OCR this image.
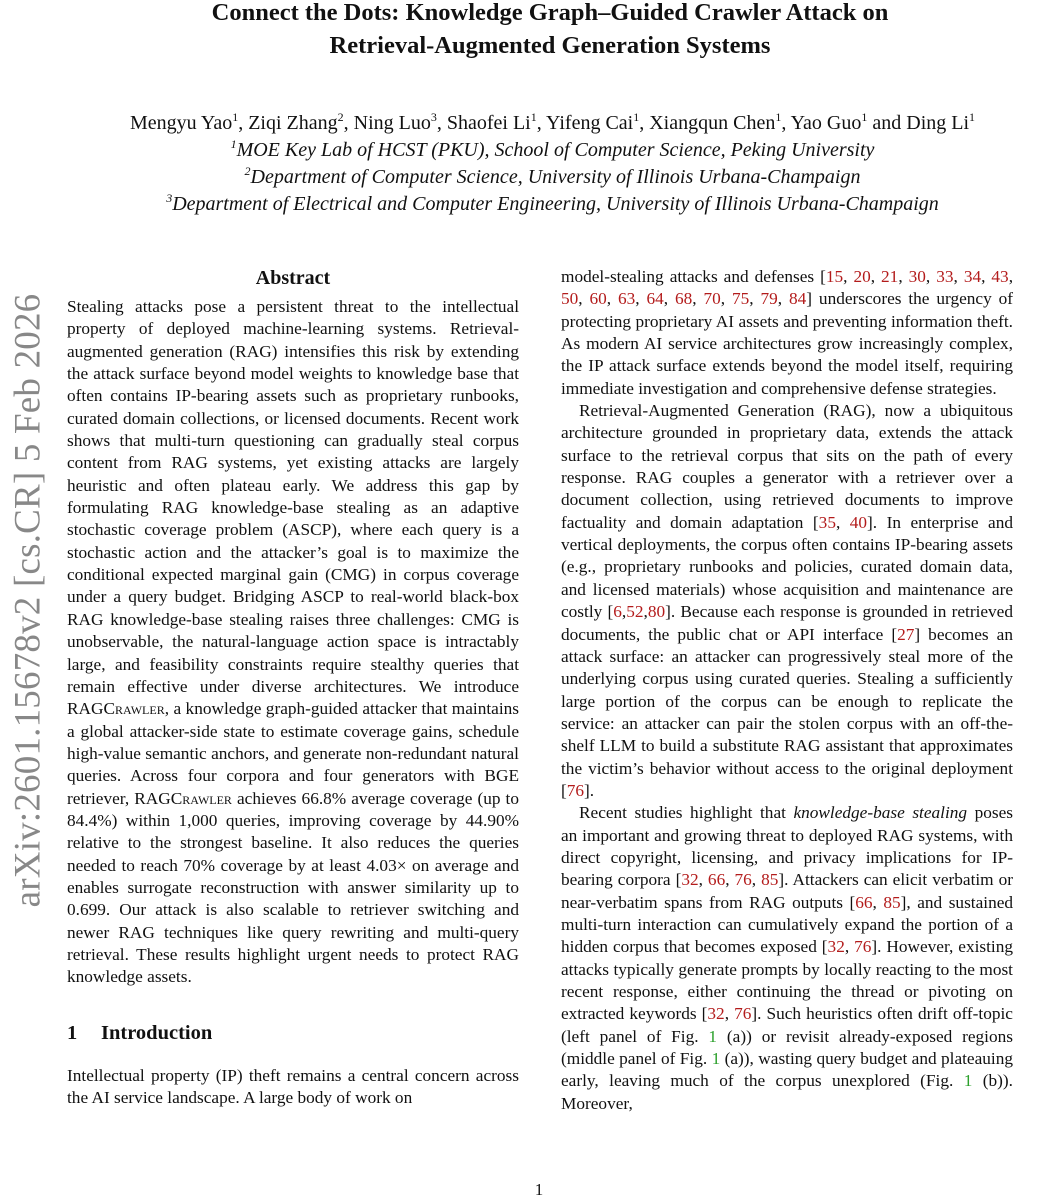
arXiv:2601.15678v2 [cs.CR] 5 Feb 2026
Connect the Dots: Knowledge Graph–Guided Crawler Attack on
Retrieval-Augmented Generation Systems
Mengyu Yao$^1$, Ziqi Zhang$^2$, Ning Luo$^3$, Shaofei Li$^1$, Yifeng Cai$^1$, Xiangqun Chen$^1$, Yao Guo$^1$ and Ding Li$^1$
$^1$MOE Key Lab of HCST (PKU), School of Computer Science, Peking University
$^2$Department of Computer Science, University of Illinois Urbana-Champaign
$^3$Department of Electrical and Computer Engineering, University of Illinois Urbana-Champaign
Abstract

Stealing attacks pose a persistent threat to the intellectual property of deployed machine-learning systems. Retrieval-augmented generation (RAG) intensifies this risk by extending the attack surface beyond model weights to knowledge base that often contains IP-bearing assets such as proprietary runbooks, curated domain collections, or licensed documents. Recent work shows that multi-turn questioning can gradually steal corpus content from RAG systems, yet existing attacks are largely heuristic and often plateau early. We address this gap by formulating RAG knowledge-base stealing as an adaptive stochastic coverage problem (ASCP), where each query is a stochastic action and the attacker’s goal is to maximize the conditional expected marginal gain (CMG) in corpus coverage under a query budget. Bridging ASCP to real-world black-box RAG knowledge-base stealing raises three challenges: CMG is unobservable, the natural-language action space is intractably large, and feasibility constraints require stealthy queries that remain effective under diverse architectures. We introduce RAGCrawler, a knowledge graph-guided attacker that maintains a global attacker-side state to estimate coverage gains, schedule high-value semantic anchors, and generate non-redundant natural queries. Across four corpora and four generators with BGE retriever, RAGCrawler achieves 66.8% average coverage (up to 84.4%) within 1,000 queries, improving coverage by 44.90% relative to the strongest baseline. It also reduces the queries needed to reach 70% coverage by at least 4.03× on average and enables surrogate reconstruction with answer similarity up to 0.699. Our attack is also scalable to retriever switching and newer RAG techniques like query rewriting and multi-query retrieval. These results highlight urgent needs to protect RAG knowledge assets.

1 Introduction

Intellectual property (IP) theft remains a central concern across the AI service landscape. A large body of work on

model-stealing attacks and defenses [15, 20, 21, 30, 33, 34, 43, 50, 60, 63, 64, 68, 70, 75, 79, 84] underscores the urgency of protecting proprietary AI assets and preventing information theft. As modern AI service architectures grow increasingly complex, the IP attack surface extends beyond the model itself, requiring immediate investigation and comprehensive defense strategies.

Retrieval-Augmented Generation (RAG), now a ubiquitous architecture grounded in proprietary data, extends the attack surface to the retrieval corpus that sits on the path of every response. RAG couples a generator with a retriever over a document collection, using retrieved documents to improve factuality and domain adaptation [35, 40]. In enterprise and vertical deployments, the corpus often contains IP-bearing assets (e.g., proprietary runbooks and policies, curated domain data, and licensed materials) whose acquisition and maintenance are costly [6,52,80]. Because each response is grounded in retrieved documents, the public chat or API interface [27] becomes an attack surface: an attacker can progressively steal more of the underlying corpus using curated queries. Stealing a sufficiently large portion of the corpus can be enough to replicate the service: an attacker can pair the stolen corpus with an off-the-shelf LLM to build a substitute RAG assistant that approximates the victim’s behavior without access to the original deployment [76].

Recent studies highlight that knowledge-base stealing poses an important and growing threat to deployed RAG systems, with direct copyright, licensing, and privacy implications for IP-bearing corpora [32, 66, 76, 85]. Attackers can elicit verbatim or near-verbatim spans from RAG outputs [66, 85], and sustained multi-turn interaction can cumulatively expand the portion of a hidden corpus that becomes exposed [32, 76]. However, existing attacks typically generate prompts by locally reacting to the most recent response, either continuing the thread or pivoting on extracted keywords [32, 76]. Such heuristics often drift off-topic (left panel of Fig. 1 (a)) or revisit already-exposed regions (middle panel of Fig. 1 (a)), wasting query budget and plateauing early, leaving much of the corpus unexplored (Fig. 1 (b)). Moreover,

1
